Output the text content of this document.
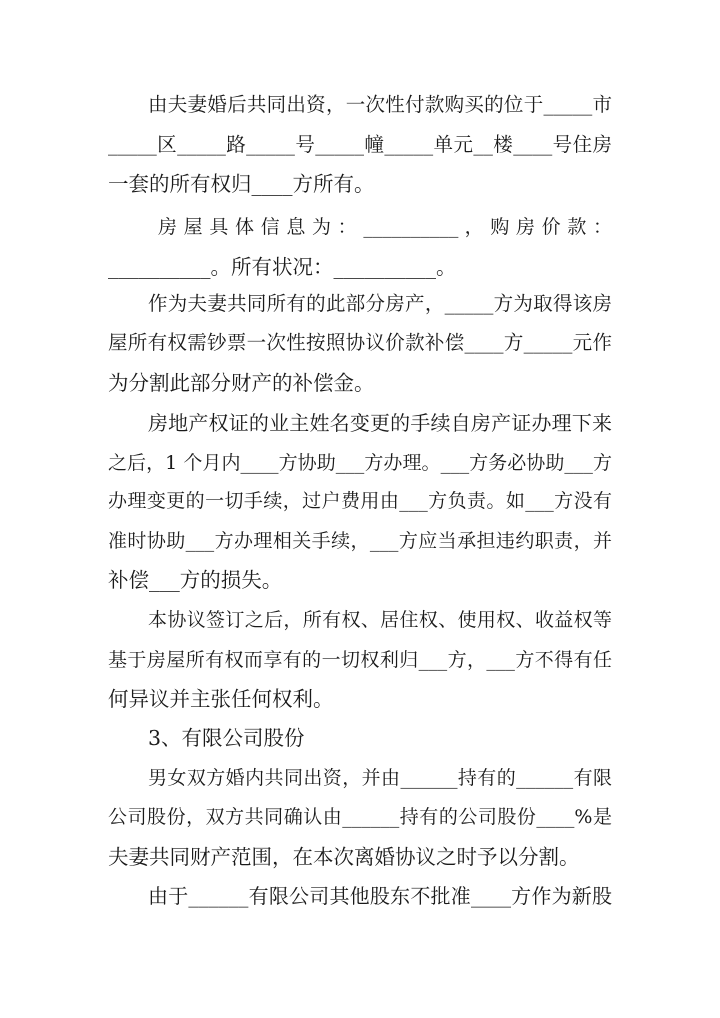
由夫妻婚后共同出资，一次性付款购买的位于_____市
_____区_____路_____号_____幢_____单元__楼____号住房
一套的所有权归____方所有。
房 屋 具 体 信 息 为 ： __________ ， 购 房 价 款 ：
__________。所有状况：__________。
作为夫妻共同所有的此部分房产，_____方为取得该房
屋所有权需钞票一次性按照协议价款补偿____方_____元作
为分割此部分财产的补偿金。
房地产权证的业主姓名变更的手续自房产证办理下来
之后，1 个月内____方协助___方办理。___方务必协助___方
办理变更的一切手续，过户费用由___方负责。如___方没有
准时协助___方办理相关手续，___方应当承担违约职责，并
补偿___方的损失。
本协议签订之后，所有权、居住权、使用权、收益权等
基于房屋所有权而享有的一切权利归___方，___方不得有任
何异议并主张任何权利。
3、有限公司股份
男女双方婚内共同出资，并由______持有的______有限
公司股份，双方共同确认由______持有的公司股份____%是
夫妻共同财产范围，在本次离婚协议之时予以分割。
由于______有限公司其他股东不批准____方作为新股
